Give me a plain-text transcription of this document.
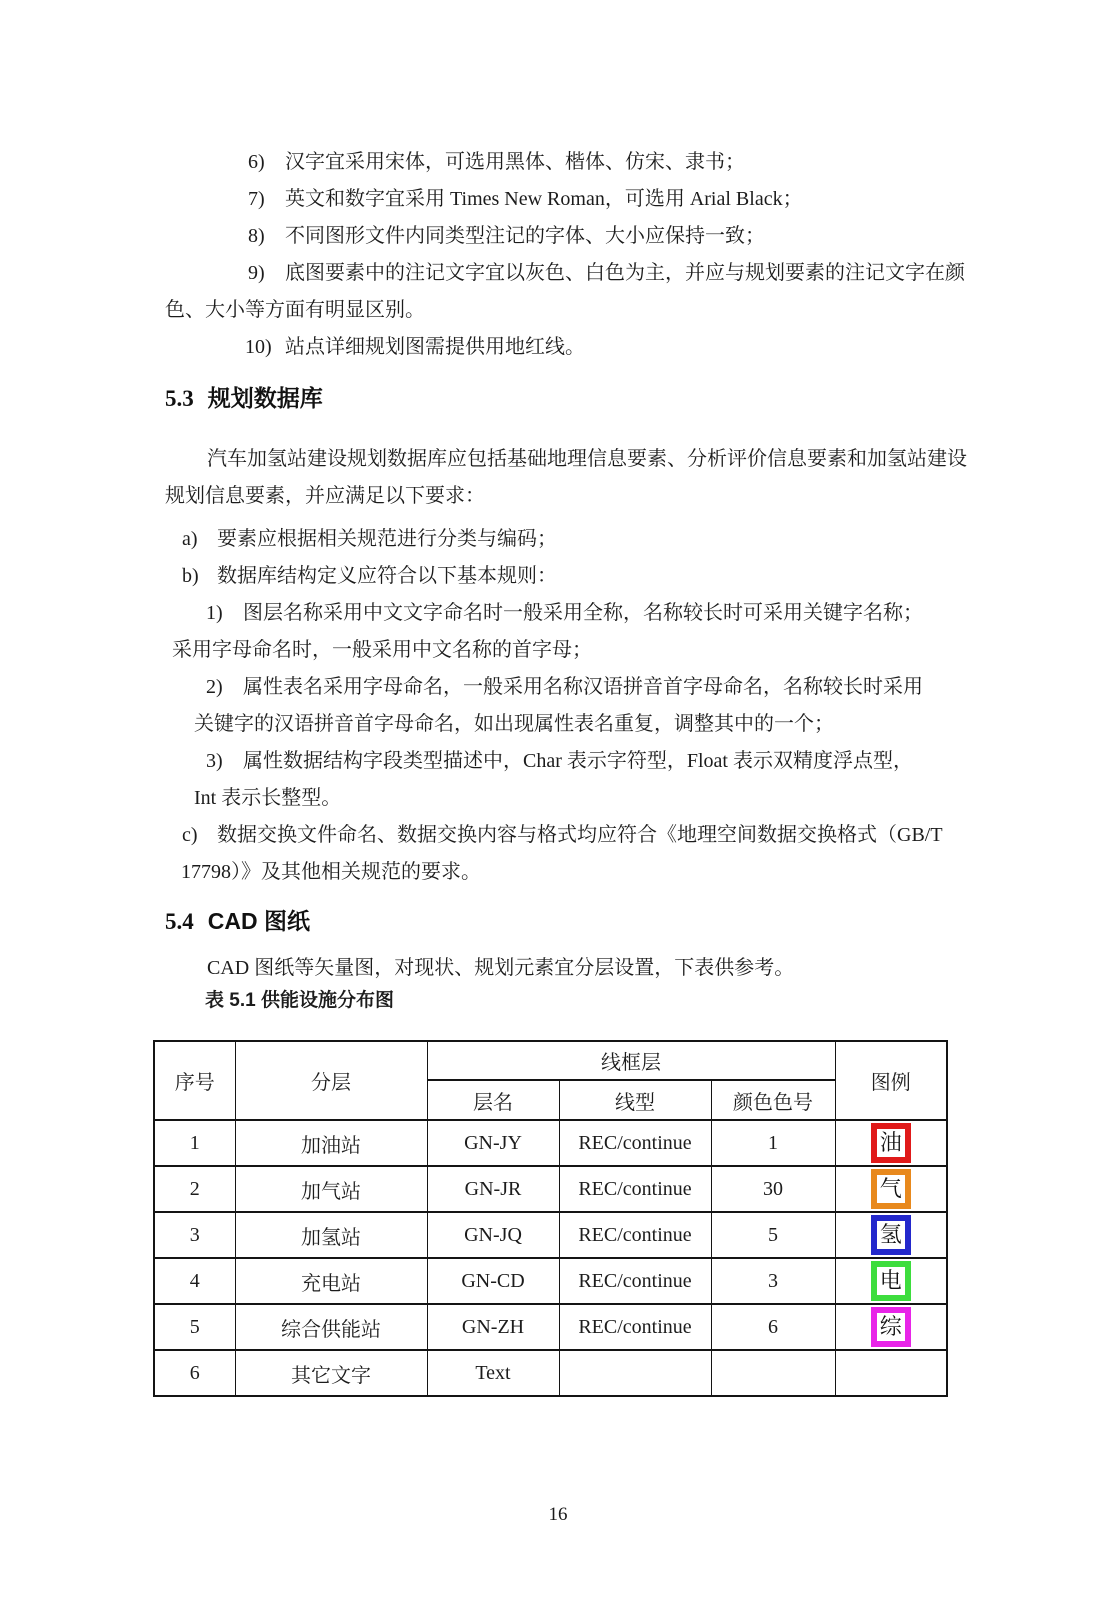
6) 汉字宜采用宋体，可选用黑体、楷体、仿宋、隶书；
7) 英文和数字宜采用 Times New Roman，可选用 Arial Black；
8) 不同图形文件内同类型注记的字体、大小应保持一致；
9) 底图要素中的注记文字宜以灰色、白色为主，并应与规划要素的注记文字在颜
色、大小等方面有明显区别。
10) 站点详细规划图需提供用地红线。
5.3 规划数据库
汽车加氢站建设规划数据库应包括基础地理信息要素、分析评价信息要素和加氢站建设
规划信息要素，并应满足以下要求：
a) 要素应根据相关规范进行分类与编码；
b) 数据库结构定义应符合以下基本规则：
1) 图层名称采用中文文字命名时一般采用全称，名称较长时可采用关键字名称；
采用字母命名时，一般采用中文名称的首字母；
2) 属性表名采用字母命名，一般采用名称汉语拼音首字母命名，名称较长时采用
关键字的汉语拼音首字母命名，如出现属性表名重复，调整其中的一个；
3) 属性数据结构字段类型描述中，Char 表示字符型，Float 表示双精度浮点型，
Int 表示长整型。
c) 数据交换文件命名、数据交换内容与格式均应符合《地理空间数据交换格式（GB/T
17798）》及其他相关规范的要求。
5.4 CAD 图纸
CAD 图纸等矢量图，对现状、规划元素宜分层设置，下表供参考。
表 5.1 供能设施分布图
序号	分层	线框层			图例
		层名	线型	颜色色号	
1	加油站	GN-JY	REC/continue	1	油

2	加气站	GN-JR	REC/continue	30	气

3	加氢站	GN-JQ	REC/continue	5	氢

4	充电站	GN-CD	REC/continue	3	电

5	综合供能站	GN-ZH	REC/continue	6	综

6	其它文字	Text			
16
